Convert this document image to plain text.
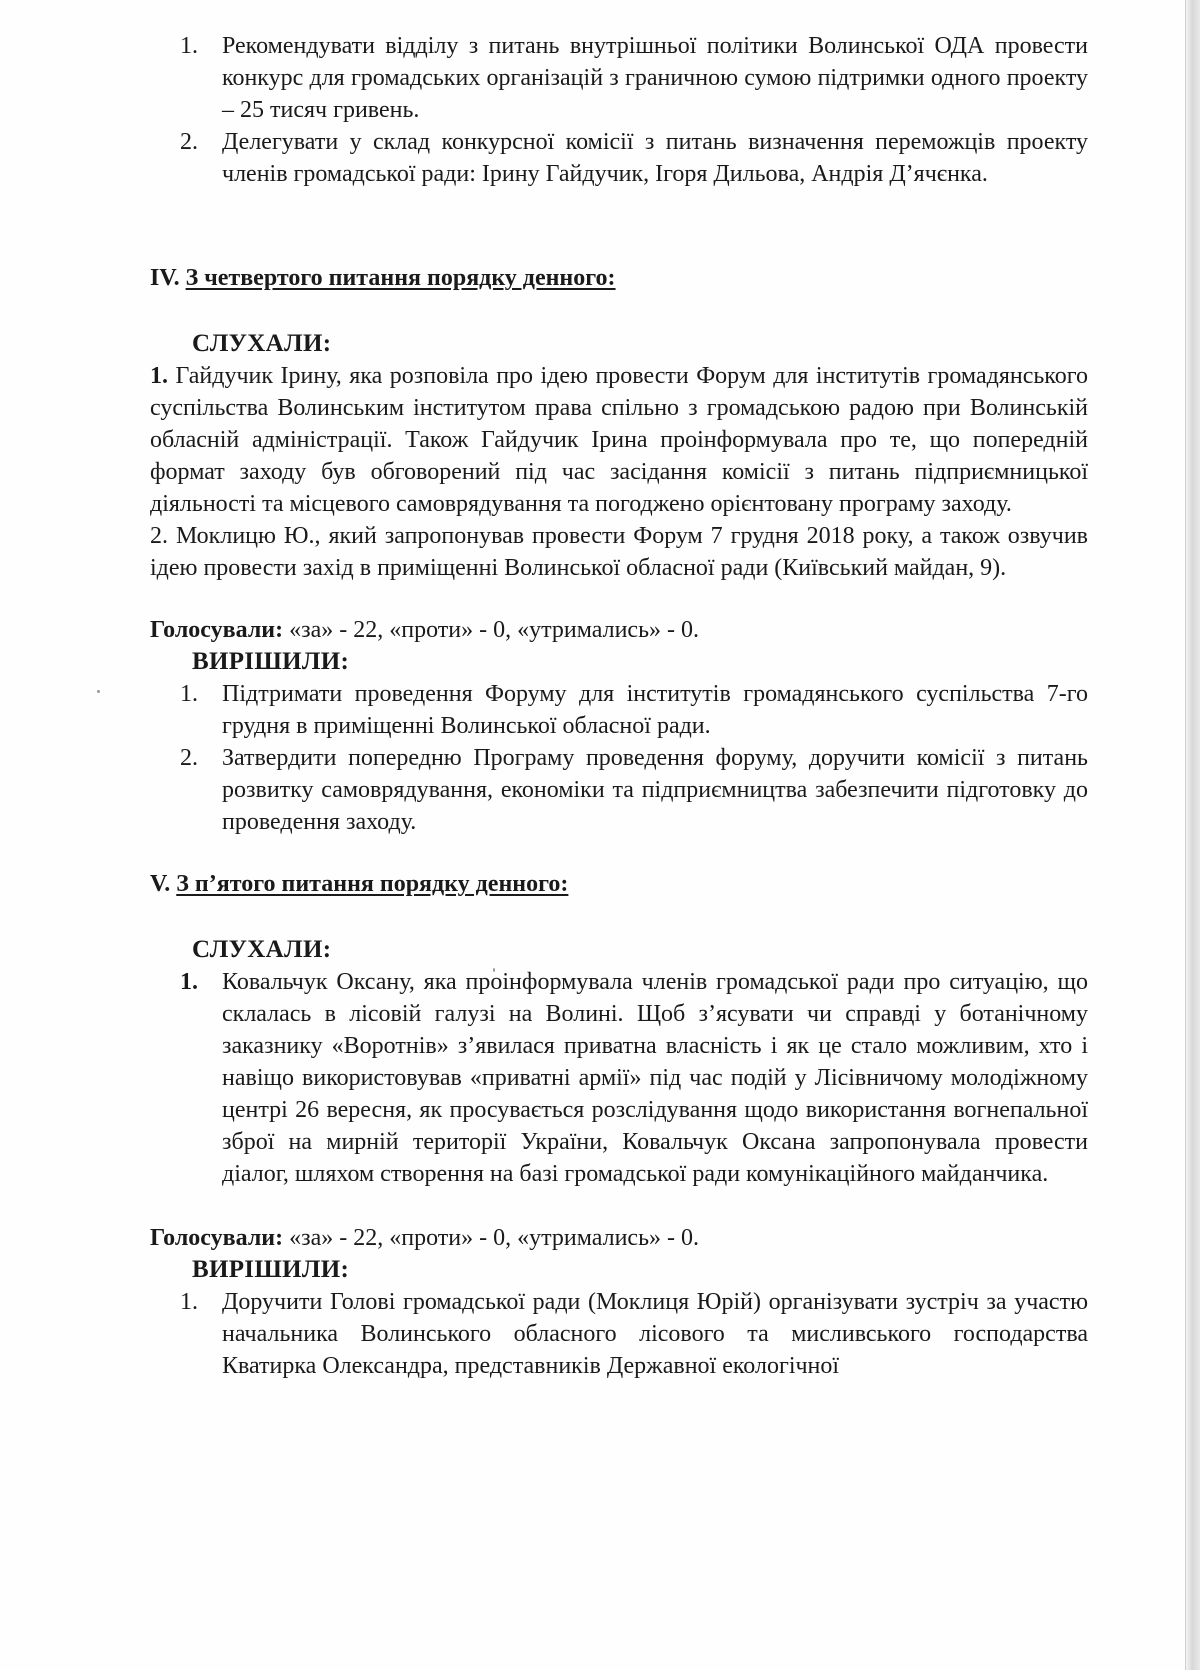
1. Рекомендувати відділу з питань внутрішньої політики Волинської ОДА провести конкурс для громадських організацій з граничною сумою підтримки одного проекту – 25 тисяч гривень.
2. Делегувати у склад конкурсної комісії з питань визначення переможців проекту членів громадської ради: Ірину Гайдучик, Ігоря Дильова, Андрія Д’ячєнка.
IV. З четвертого питання порядку денного:
СЛУХАЛИ:
1. Гайдучик Ірину, яка розповіла про ідею провести Форум для інститутів громадянського суспільства Волинським інститутом права спільно з громадською радою при Волинській обласній адміністрації. Також Гайдучик Ірина проінформувала про те, що попередній формат заходу був обговорений під час засідання комісії з питань підприємницької діяльності та місцевого самоврядування та погоджено орієнтовану програму заходу.
2. Моклицю Ю., який запропонував провести Форум 7 грудня 2018 року, а також озвучив ідею провести захід в приміщенні Волинської обласної ради (Київський майдан, 9).
Голосували: «за» - 22, «проти» - 0, «утримались» - 0.
ВИРІШИЛИ:
1. Підтримати проведення Форуму для інститутів громадянського суспільства 7-го грудня в приміщенні Волинської обласної ради.
2. Затвердити попередню Програму проведення форуму, доручити комісії з питань розвитку самоврядування, економіки та підприємництва забезпечити підготовку до проведення заходу.
V. З п’ятого питання порядку денного:
СЛУХАЛИ:
1. Ковальчук Оксану, яка проінформувала членів громадської ради про ситуацію, що склалась в лісовій галузі на Волині. Щоб з’ясувати чи справді у ботанічному заказнику «Воротнів» з’явилася приватна власність і як це стало можливим, хто і навіщо використовував «приватні армії» під час подій у Лісівничому молодіжному центрі 26 вересня, як просувається розслідування щодо використання вогнепальної зброї на мирній території України, Ковальчук Оксана запропонувала провести діалог, шляхом створення на базі громадської ради комунікаційного майданчика.
Голосували: «за» - 22, «проти» - 0, «утримались» - 0.
ВИРІШИЛИ:
1. Доручити Голові громадської ради (Моклиця Юрій) організувати зустріч за участю начальника Волинського обласного лісового та мисливського господарства Кватирка Олександра, представників Державної екологічної
